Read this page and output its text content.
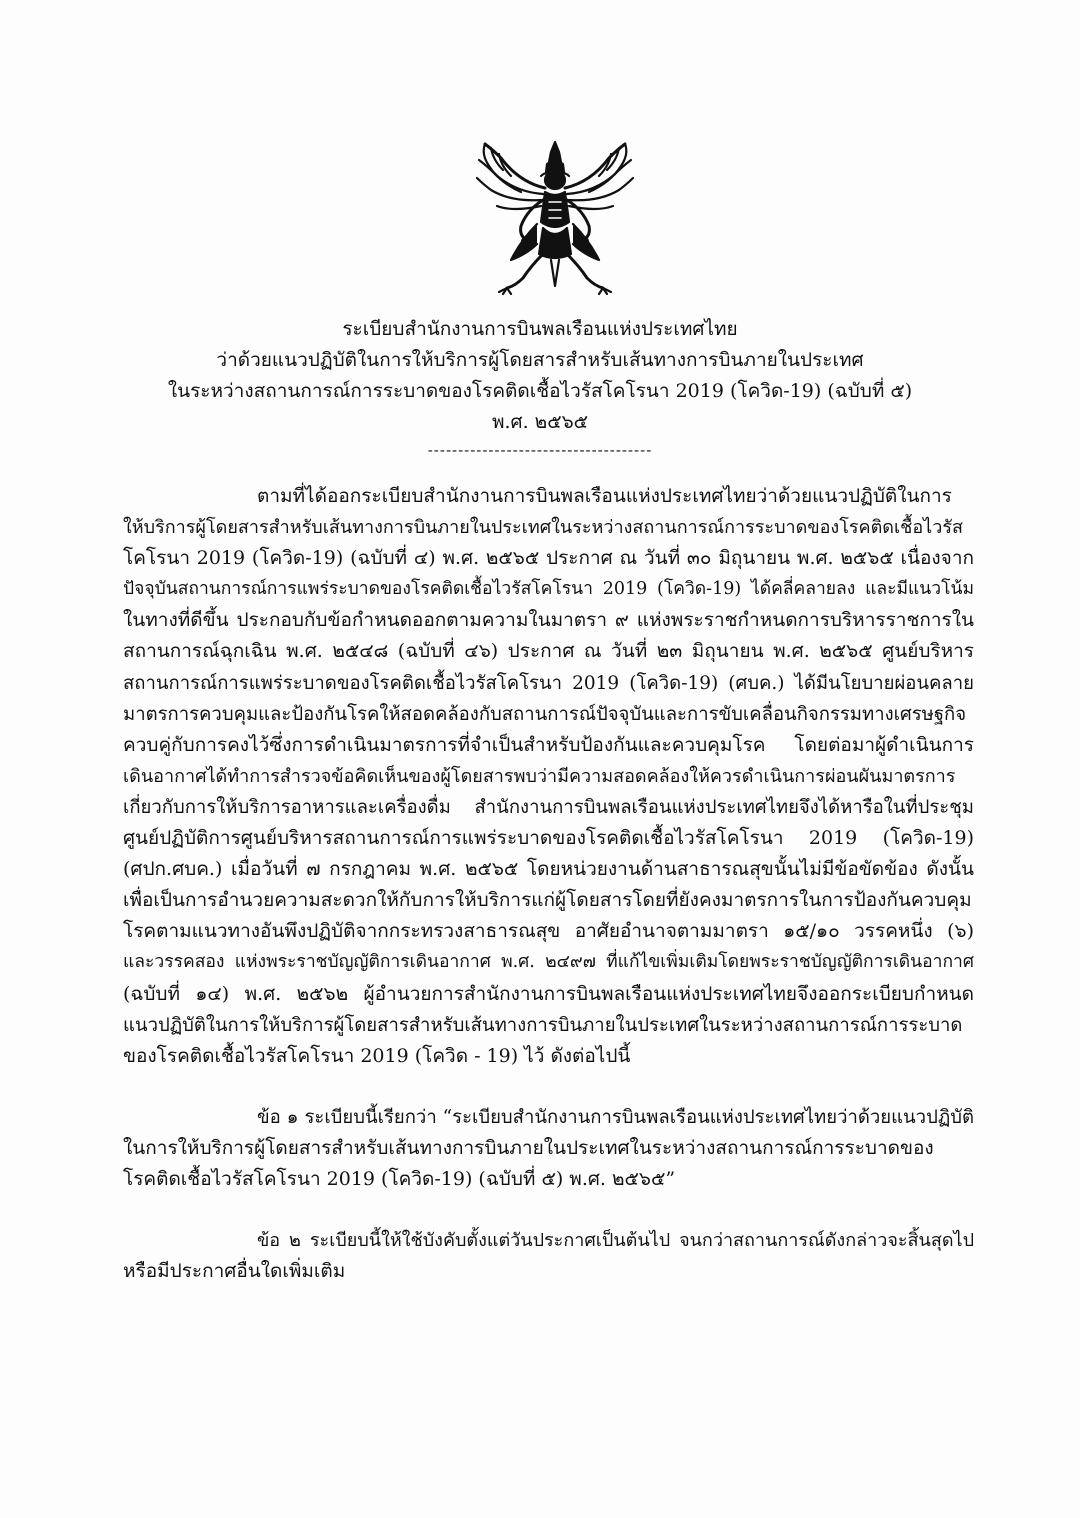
ระเบียบสำนักงานการบินพลเรือนแห่งประเทศไทย
ว่าด้วยแนวปฏิบัติในการให้บริการผู้โดยสารสำหรับเส้นทางการบินภายในประเทศ
ในระหว่างสถานการณ์การระบาดของโรคติดเชื้อไวรัสโคโรนา 2019 (โควิด-19) (ฉบับที่ ๕)
พ.ศ. ๒๕๖๕
-------------------------------------
ตามที่ได้ออกระเบียบสำนักงานการบินพลเรือนแห่งประเทศไทยว่าด้วยแนวปฏิบัติในการ
ให้บริการผู้โดยสารสำหรับเส้นทางการบินภายในประเทศในระหว่างสถานการณ์การระบาดของโรคติดเชื้อไวรัส
โคโรนา 2019 (โควิด-19) (ฉบับที่ ๔) พ.ศ. ๒๕๖๕ ประกาศ ณ วันที่ ๓๐ มิถุนายน พ.ศ. ๒๕๖๕ เนื่องจาก
ปัจจุบันสถานการณ์การแพร่ระบาดของโรคติดเชื้อไวรัสโคโรนา 2019 (โควิด-19) ได้คลี่คลายลง และมีแนวโน้ม
ในทางที่ดีขึ้น ประกอบกับข้อกำหนดออกตามความในมาตรา ๙ แห่งพระราชกำหนดการบริหารราชการใน
สถานการณ์ฉุกเฉิน พ.ศ. ๒๕๔๘ (ฉบับที่ ๔๖) ประกาศ ณ วันที่ ๒๓ มิถุนายน พ.ศ. ๒๕๖๕ ศูนย์บริหาร
สถานการณ์การแพร่ระบาดของโรคติดเชื้อไวรัสโคโรนา 2019 (โควิด-19) (ศบค.) ได้มีนโยบายผ่อนคลาย
มาตรการควบคุมและป้องกันโรคให้สอดคล้องกับสถานการณ์ปัจจุบันและการขับเคลื่อนกิจกรรมทางเศรษฐกิจ
ควบคู่กับการคงไว้ซึ่งการดำเนินมาตรการที่จำเป็นสำหรับป้องกันและควบคุมโรค โดยต่อมาผู้ดำเนินการ
เดินอากาศได้ทำการสำรวจข้อคิดเห็นของผู้โดยสารพบว่ามีความสอดคล้องให้ควรดำเนินการผ่อนผันมาตรการ
เกี่ยวกับการให้บริการอาหารและเครื่องดื่ม สำนักงานการบินพลเรือนแห่งประเทศไทยจึงได้หารือในที่ประชุม
ศูนย์ปฏิบัติการศูนย์บริหารสถานการณ์การแพร่ระบาดของโรคติดเชื้อไวรัสโคโรนา 2019 (โควิด-19)
(ศปก.ศบค.) เมื่อวันที่ ๗ กรกฎาคม พ.ศ. ๒๕๖๕ โดยหน่วยงานด้านสาธารณสุขนั้นไม่มีข้อขัดข้อง ดังนั้น
เพื่อเป็นการอำนวยความสะดวกให้กับการให้บริการแก่ผู้โดยสารโดยที่ยังคงมาตรการในการป้องกันควบคุม
โรคตามแนวทางอันพึงปฏิบัติจากกระทรวงสาธารณสุข อาศัยอำนาจตามมาตรา ๑๕/๑๐ วรรคหนึ่ง (๖)
และวรรคสอง แห่งพระราชบัญญัติการเดินอากาศ พ.ศ. ๒๔๙๗ ที่แก้ไขเพิ่มเติมโดยพระราชบัญญัติการเดินอากาศ
(ฉบับที่ ๑๔) พ.ศ. ๒๕๖๒ ผู้อำนวยการสำนักงานการบินพลเรือนแห่งประเทศไทยจึงออกระเบียบกำหนด
แนวปฏิบัติในการให้บริการผู้โดยสารสำหรับเส้นทางการบินภายในประเทศในระหว่างสถานการณ์การระบาด
ของโรคติดเชื้อไวรัสโคโรนา 2019 (โควิด - 19) ไว้ ดังต่อไปนี้
ข้อ ๑ ระเบียบนี้เรียกว่า “ระเบียบสำนักงานการบินพลเรือนแห่งประเทศไทยว่าด้วยแนวปฏิบัติ
ในการให้บริการผู้โดยสารสำหรับเส้นทางการบินภายในประเทศในระหว่างสถานการณ์การระบาดของ
โรคติดเชื้อไวรัสโคโรนา 2019 (โควิด-19) (ฉบับที่ ๕) พ.ศ. ๒๕๖๕”
ข้อ ๒ ระเบียบนี้ให้ใช้บังคับตั้งแต่วันประกาศเป็นต้นไป จนกว่าสถานการณ์ดังกล่าวจะสิ้นสุดไป
หรือมีประกาศอื่นใดเพิ่มเติม
